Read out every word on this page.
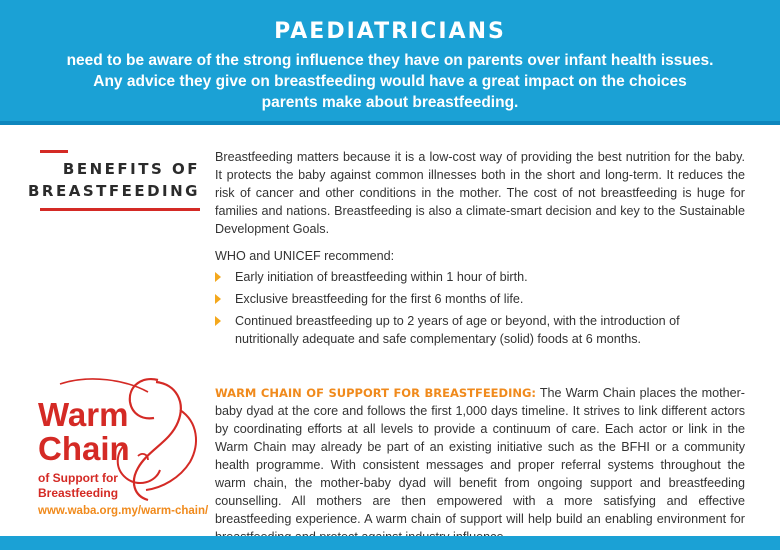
PAEDIATRICIANS
need to be aware of the strong influence they have on parents over infant health issues.
Any advice they give on breastfeeding would have a great impact on the choices
parents make about breastfeeding.
BENEFITS OF
BREASTFEEDING
Breastfeeding matters because it is a low-cost way of providing the best nutrition for the baby. It protects the baby against common illnesses both in the short and long-term. It reduces the risk of cancer and other conditions in the mother. The cost of not breastfeeding is huge for families and nations. Breastfeeding is also a climate-smart decision and key to the Sustainable Development Goals.
WHO and UNICEF recommend:
Early initiation of breastfeeding within 1 hour of birth.
Exclusive breastfeeding for the first 6 months of life.
Continued breastfeeding up to 2 years of age or beyond, with the introduction of nutritionally adequate and safe complementary (solid) foods at 6 months.
Warm
Chain
of Support for
Breastfeeding
www.waba.org.my/warm-chain/
WARM CHAIN OF SUPPORT FOR BREASTFEEDING: The Warm Chain places the mother-baby dyad at the core and follows the first 1,000 days timeline. It strives to link different actors by coordinating efforts at all levels to provide a continuum of care. Each actor or link in the Warm Chain may already be part of an existing initiative such as the BFHI or a community health programme. With consistent messages and proper referral systems throughout the warm chain, the mother-baby dyad will benefit from ongoing support and breastfeeding counselling. All mothers are then empowered with a more satisfying and effective breastfeeding experience. A warm chain of support will help build an enabling environment for
